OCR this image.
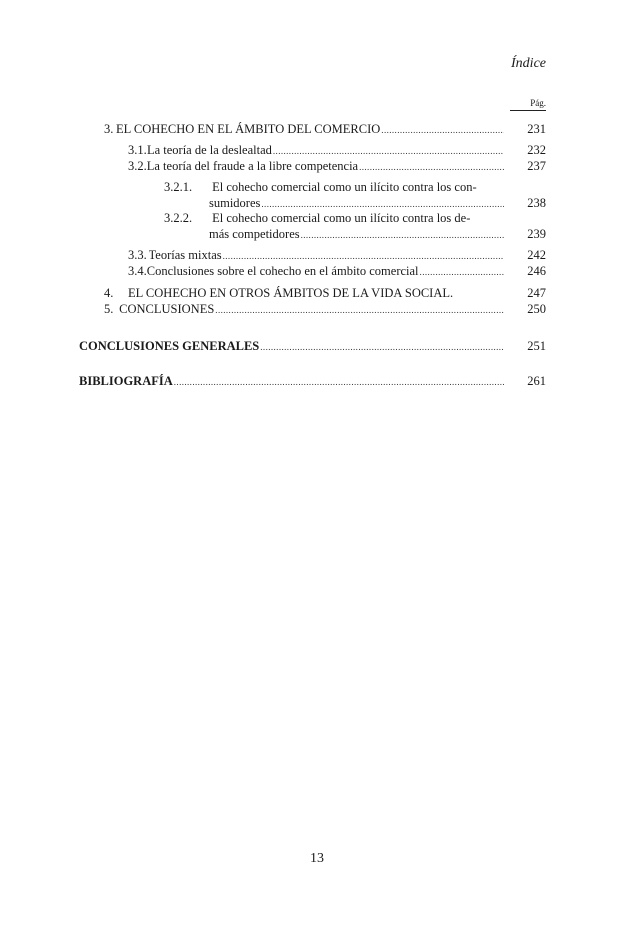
Índice
Pág.
3. EL COHECHO EN EL ÁMBITO DEL COMERCIO .....	231
3.1. La teoría de la deslealtad .....	232
3.2. La teoría del fraude a la libre competencia .....	237
3.2.1. El cohecho comercial como un ilícito contra los con-
sumidores .....	238
3.2.2. El cohecho comercial como un ilícito contra los de-
más competidores .....	239
3.3. Teorías mixtas .....	242
3.4. Conclusiones sobre el cohecho en el ámbito comercial .....	246
4.	EL COHECHO EN OTROS ÁMBITOS DE LA VIDA SOCIAL.	247
5. CONCLUSIONES .....	250
CONCLUSIONES GENERALES .....	251
BIBLIOGRAFÍA .....	261
13
